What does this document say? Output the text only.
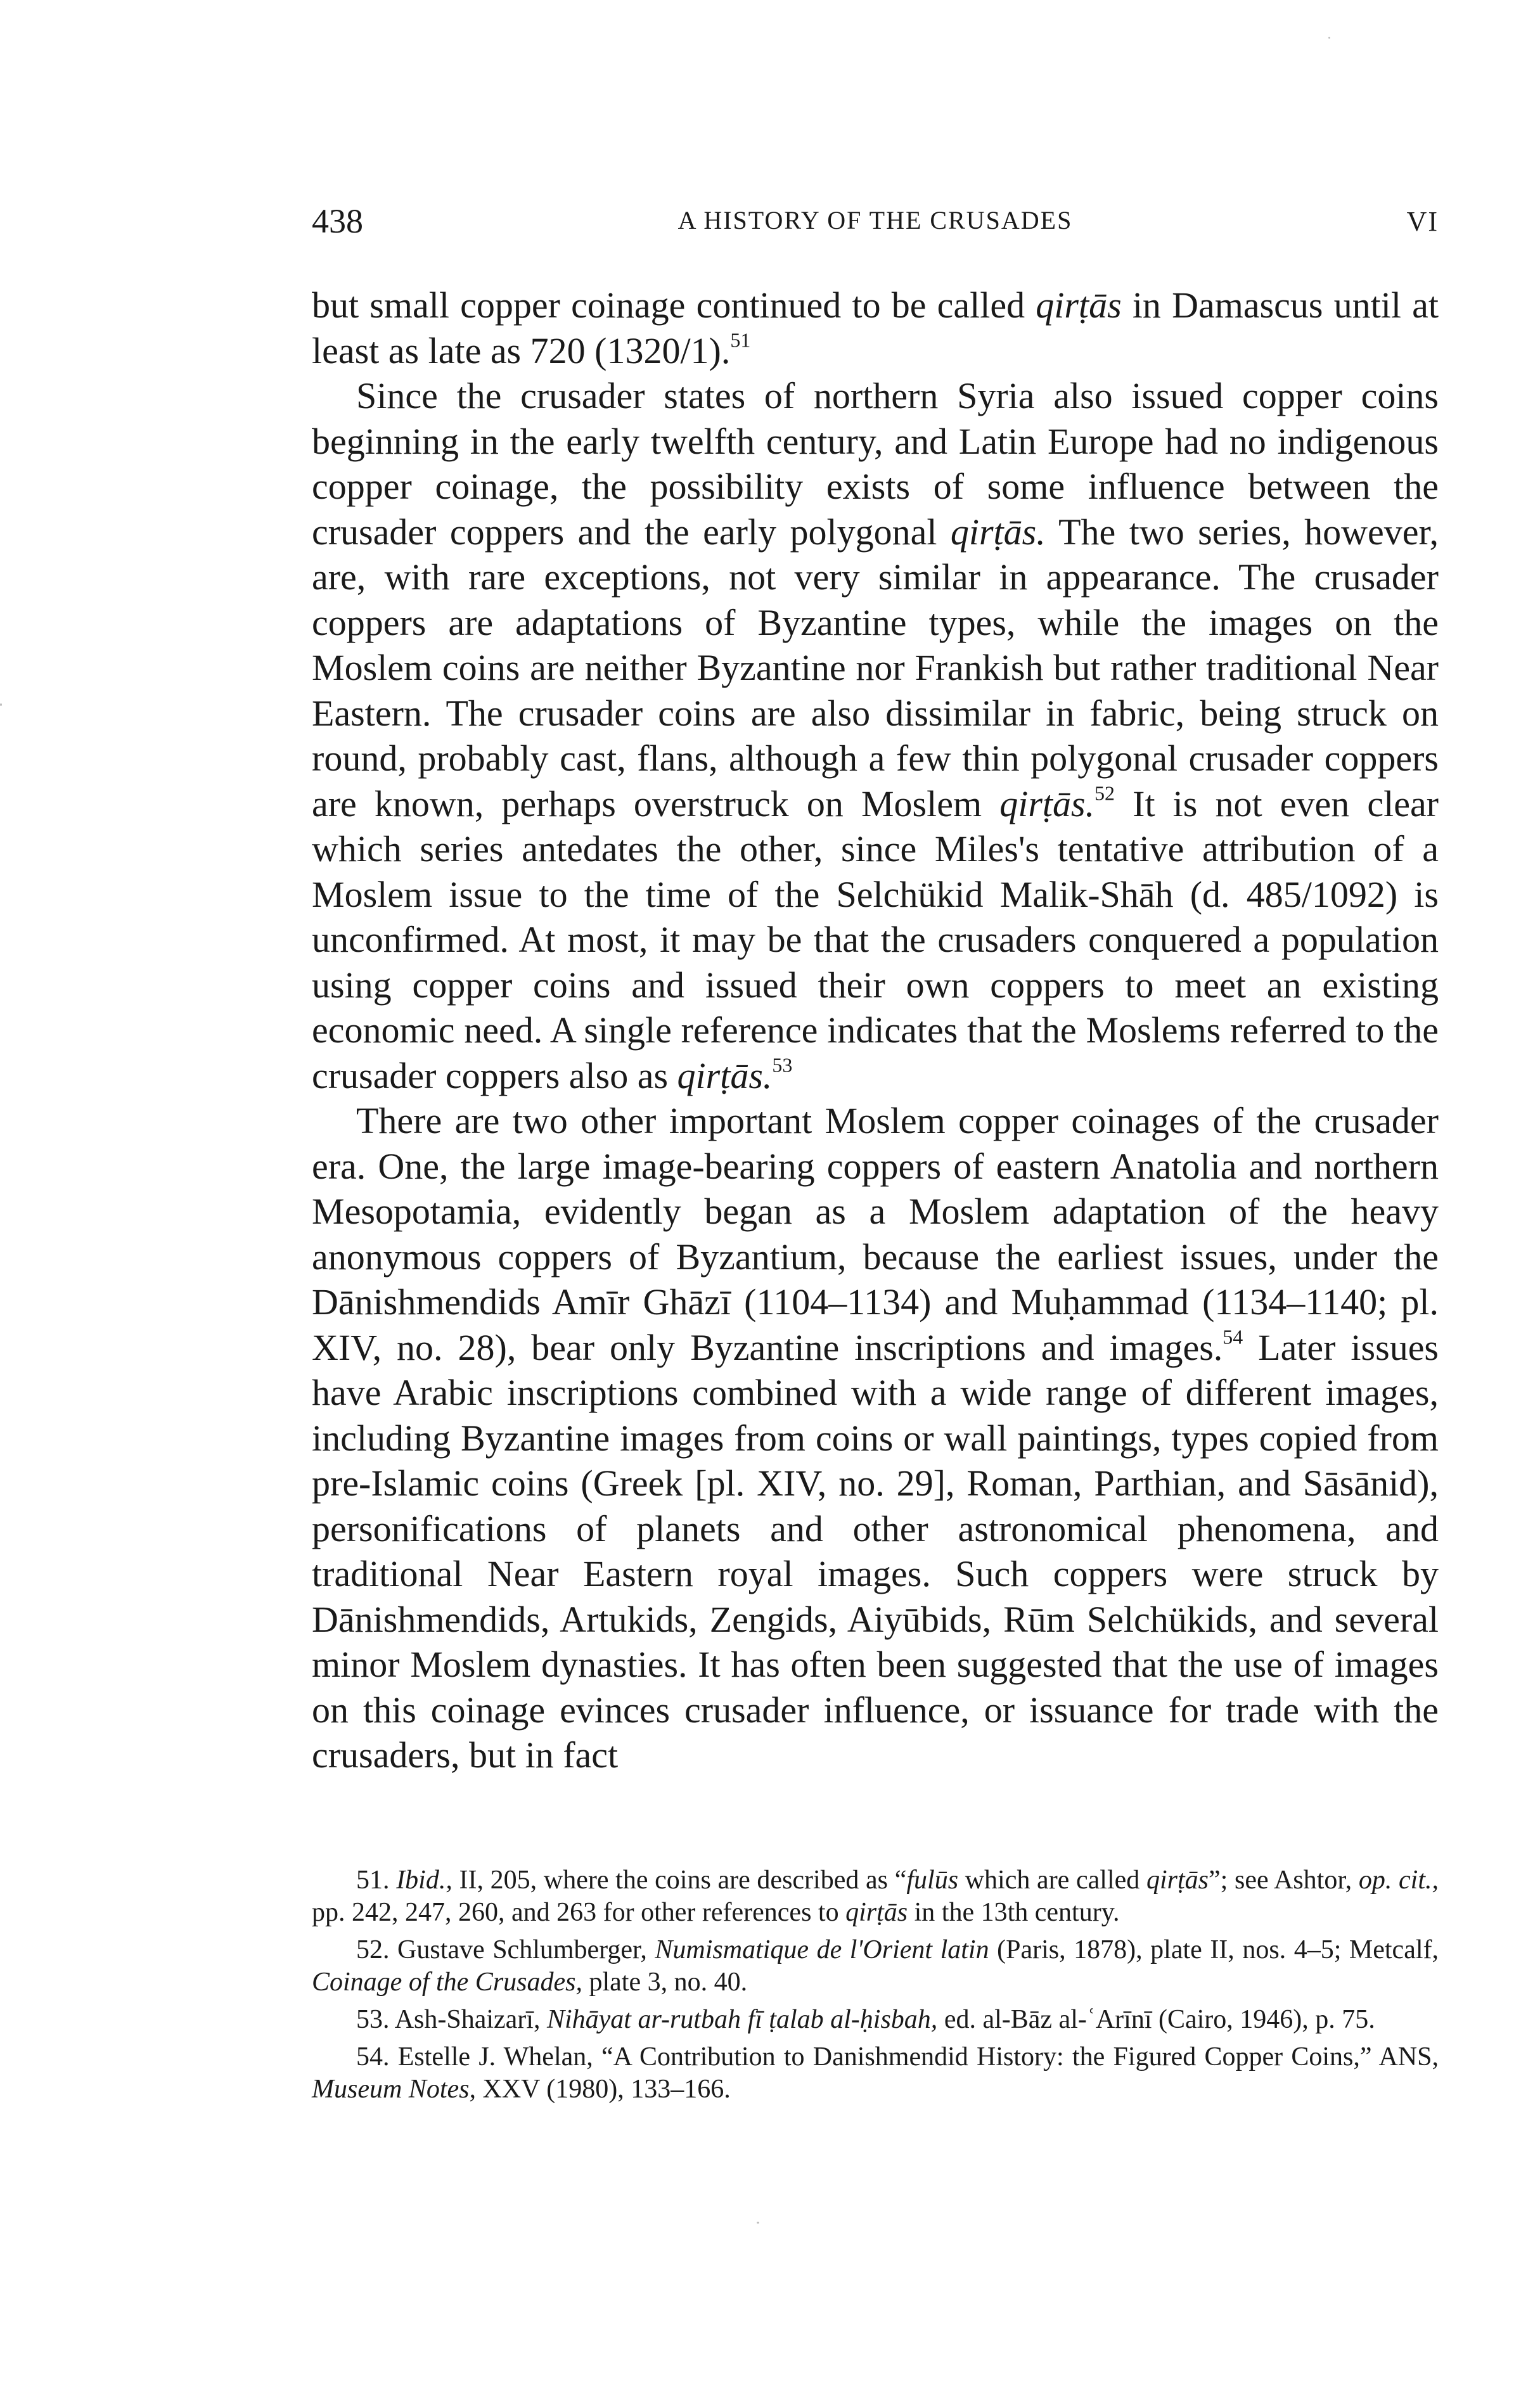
438	A HISTORY OF THE CRUSADES	VI

but small copper coinage continued to be called qirṭās in Damascus until at least as late as 720 (1320/1).$^{51}$

Since the crusader states of northern Syria also issued copper coins beginning in the early twelfth century, and Latin Europe had no indigenous copper coinage, the possibility exists of some influence between the crusader coppers and the early polygonal qirṭās. The two series, however, are, with rare exceptions, not very similar in appearance. The crusader coppers are adaptations of Byzantine types, while the images on the Moslem coins are neither Byzantine nor Frankish but rather traditional Near Eastern. The crusader coins are also dissimilar in fabric, being struck on round, probably cast, flans, although a few thin polygonal crusader coppers are known, perhaps overstruck on Moslem qirṭās.$^{52}$ It is not even clear which series antedates the other, since Miles's tentative attribution of a Moslem issue to the time of the Selchükid Malik-Shāh (d. 485/1092) is unconfirmed. At most, it may be that the crusaders conquered a population using copper coins and issued their own coppers to meet an existing economic need. A single reference indicates that the Moslems referred to the crusader coppers also as qirṭās.$^{53}$

There are two other important Moslem copper coinages of the crusader era. One, the large image-bearing coppers of eastern Anatolia and northern Mesopotamia, evidently began as a Moslem adaptation of the heavy anonymous coppers of Byzantium, because the earliest issues, under the Dānishmendids Amīr Ghāzī (1104–1134) and Muḥammad (1134–1140; pl. XIV, no. 28), bear only Byzantine inscriptions and images.$^{54}$ Later issues have Arabic inscriptions combined with a wide range of different images, including Byzantine images from coins or wall paintings, types copied from pre-Islamic coins (Greek [pl. XIV, no. 29], Roman, Parthian, and Sāsānid), personifications of planets and other astronomical phenomena, and traditional Near Eastern royal images. Such coppers were struck by Dānishmendids, Artukids, Zengids, Aiyūbids, Rūm Selchükids, and several minor Moslem dynasties. It has often been suggested that the use of images on this coinage evinces crusader influence, or issuance for trade with the crusaders, but in fact

51. Ibid., II, 205, where the coins are described as “fulūs which are called qirṭās”; see Ashtor, op. cit., pp. 242, 247, 260, and 263 for other references to qirṭās in the 13th century.

52. Gustave Schlumberger, Numismatique de l'Orient latin (Paris, 1878), plate II, nos. 4–5; Metcalf, Coinage of the Crusades, plate 3, no. 40.

53. Ash-Shaizarī, Nihāyat ar-rutbah fī ṭalab al-ḥisbah, ed. al-Bāz al-ʿArīnī (Cairo, 1946), p. 75.

54. Estelle J. Whelan, “A Contribution to Danishmendid History: the Figured Copper Coins,” ANS, Museum Notes, XXV (1980), 133–166.
